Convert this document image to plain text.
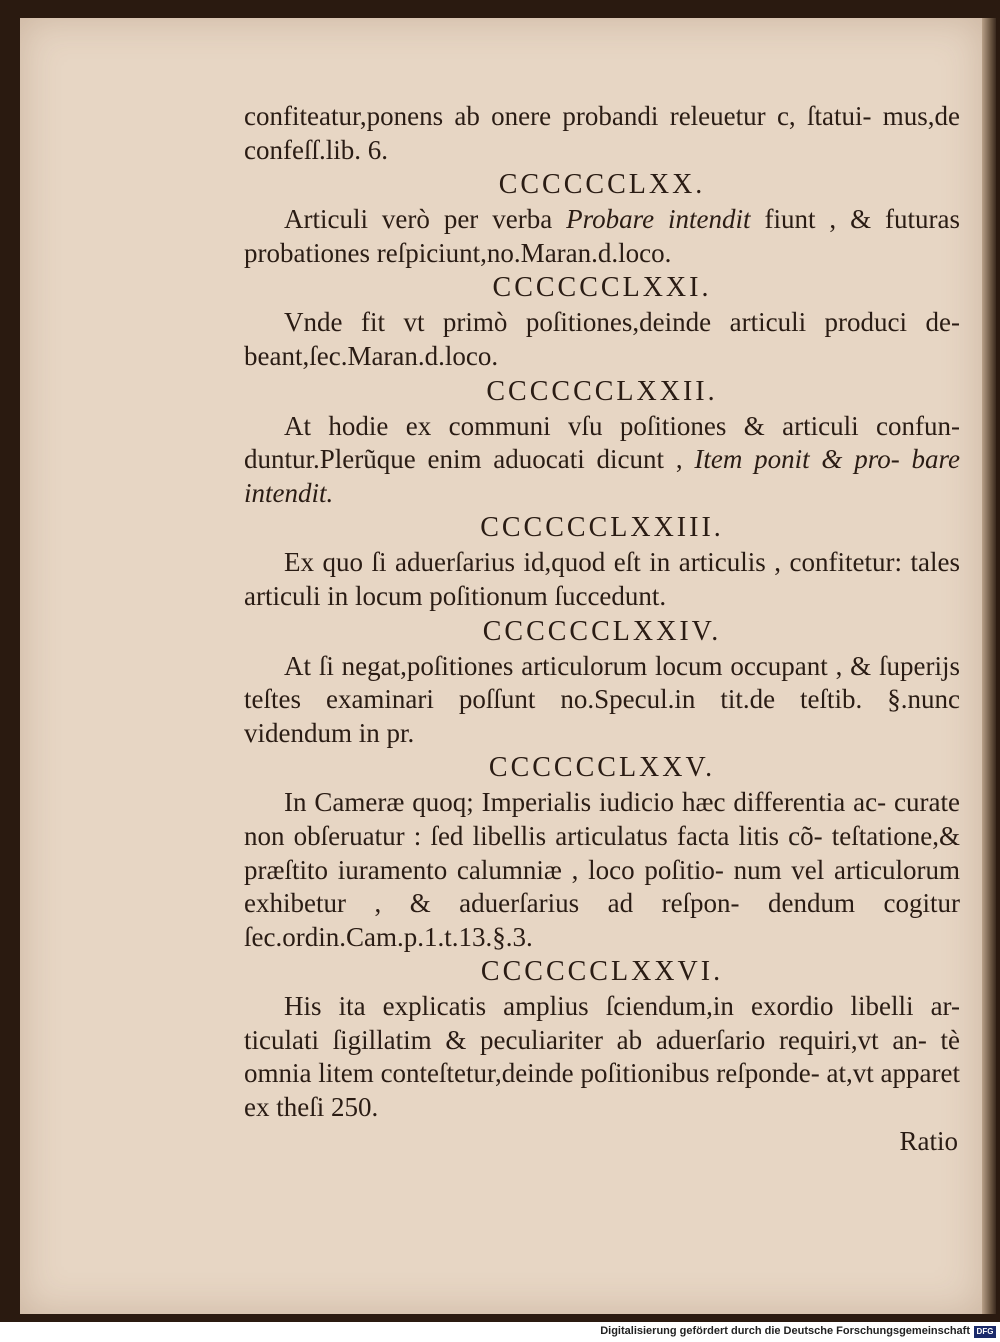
confiteatur,ponens ab onere probandi releuetur c, ſtatui- mus,de confeſſ.lib. 6.

CCCCCCLXX.

Articuli verò per verba Probare intendit fiunt , & futuras probationes reſpiciunt,no.Maran.d.loco.

CCCCCCLXXI.

Vnde fit vt primò poſitiones,deinde articuli produci de- beant,ſec.Maran.d.loco.

CCCCCCLXXII.

At hodie ex communi vſu poſitiones & articuli confun- duntur.Plerũque enim aduocati dicunt , Item ponit & pro- bare intendit.

CCCCCCLXXIII.

Ex quo ſi aduerſarius id,quod eſt in articulis , confitetur: tales articuli in locum poſitionum ſuccedunt.

CCCCCCLXXIV.

At ſi negat,poſitiones articulorum locum occupant , & ſuperijs teſtes examinari poſſunt no.Specul.in tit.de teſtib. §.nunc videndum in pr.

CCCCCCLXXV.

In Cameræ quoq; Imperialis iudicio hæc differentia ac- curate non obſeruatur : ſed libellis articulatus facta litis cõ- teſtatione,& præſtito iuramento calumniæ , loco poſitio- num vel articulorum exhibetur , & aduerſarius ad reſpon- dendum cogitur ſec.ordin.Cam.p.1.t.13.§.3.

CCCCCCLXXVI.

His ita explicatis amplius ſciendum,in exordio libelli ar- ticulati ſigillatim & peculiariter ab aduerſario requiri,vt an- tè omnia litem conteſtetur,deinde poſitionibus reſponde- at,vt apparet ex theſi 250.

Ratio

Digitalisierung gefördert durch die Deutsche Forschungsgemeinschaft DFG
